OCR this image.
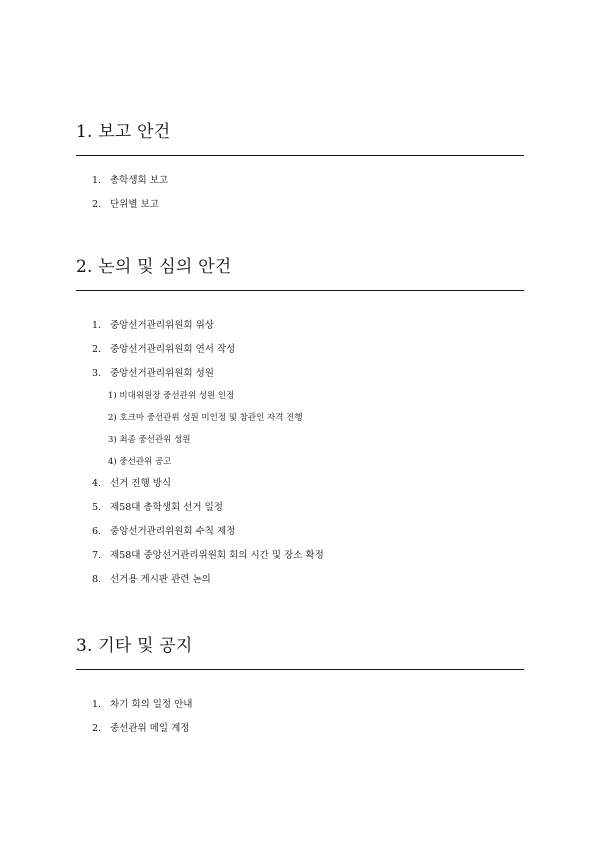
1. 보고 안건
1. 총학생회 보고
2. 단위별 보고
2. 논의 및 심의 안건
1. 중앙선거관리위원회 위상
2. 중앙선거관리위원회 연서 작성
3. 중앙선거관리위원회 성원
1) 비대위원장 중선관위 성원 인정
2) 호크마 중선관위 성원 미인정 및 참관인 자격 진행
3) 최종 중선관위 성원
4) 중선관위 공고
4. 선거 진행 방식
5. 제58대 총학생회 선거 일정
6. 중앙선거관리위원회 수칙 제정
7. 제58대 중앙선거관리위원회 회의 시간 및 장소 확정
8. 선거용 게시판 관련 논의
3. 기타 및 공지
1. 차기 회의 일정 안내
2. 중선관위 메일 계정
